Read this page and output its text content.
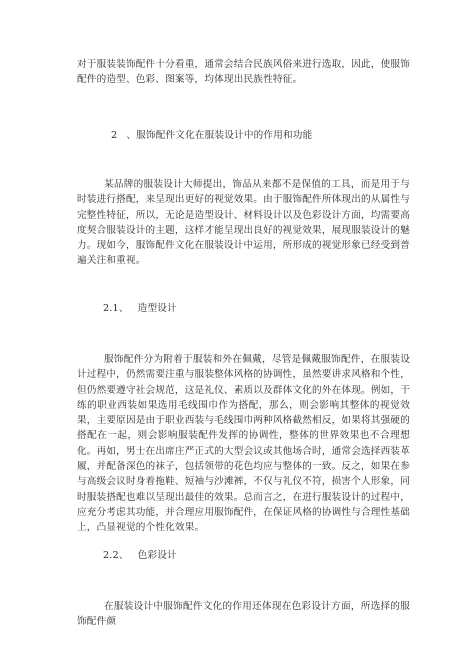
对于服装装饰配件十分看重，通常会结合民族风俗来进行选取，因此，使服饰配件的造型、色彩、图案等，均体现出民族性特征。

2 、服饰配件文化在服装设计中的作用和功能

某品牌的服装设计大师提出，饰品从来都不是保值的工具，而是用于与时装进行搭配，来呈现出更好的视觉效果。由于服饰配件所体现出的从属性与完整性特征，所以，无论是造型设计、材料设计以及色彩设计方面，均需要高度契合服装设计的主题，这样才能呈现出良好的视觉效果，展现服装设计的魅力。现如今，服饰配件文化在服装设计中运用，所形成的视觉形象已经受到普遍关注和重视。

2.1、 造型设计

服饰配件分为附着于服装和外在佩戴，尽管是佩戴服饰配件，在服装设计过程中，仍然需要注重与服装整体风格的协调性，虽然要讲求风格和个性，但仍然要遵守社会规范，这是礼仪、素质以及群体文化的外在体现。例如，干练的职业西装如果选用毛线围巾作为搭配，那么，则会影响其整体的视觉效果，主要原因是由于职业西装与毛线围巾两种风格截然相反，如果将其强硬的搭配在一起，则会影响服装配件发挥的协调性，整体的世界效果也不合理想化。再如，男士在出席庄严正式的大型会议或其他场合时，通常会选择西装革履，并配备深色的袜子，包括领带的花色均应与整体的一致。反之，如果在参与高级会议时身着拖鞋、短袖与沙滩裤，不仅与礼仪不符，损害个人形象，同时服装搭配也难以呈现出最佳的效果。总而言之，在进行服装设计的过程中，应充分考虑其功能，并合理应用服饰配件，在保证风格的协调性与合理性基础上，凸显视觉的个性化效果。

2.2、 色彩设计

在服装设计中服饰配件文化的作用还体现在色彩设计方面，所选择的服饰配件颜
